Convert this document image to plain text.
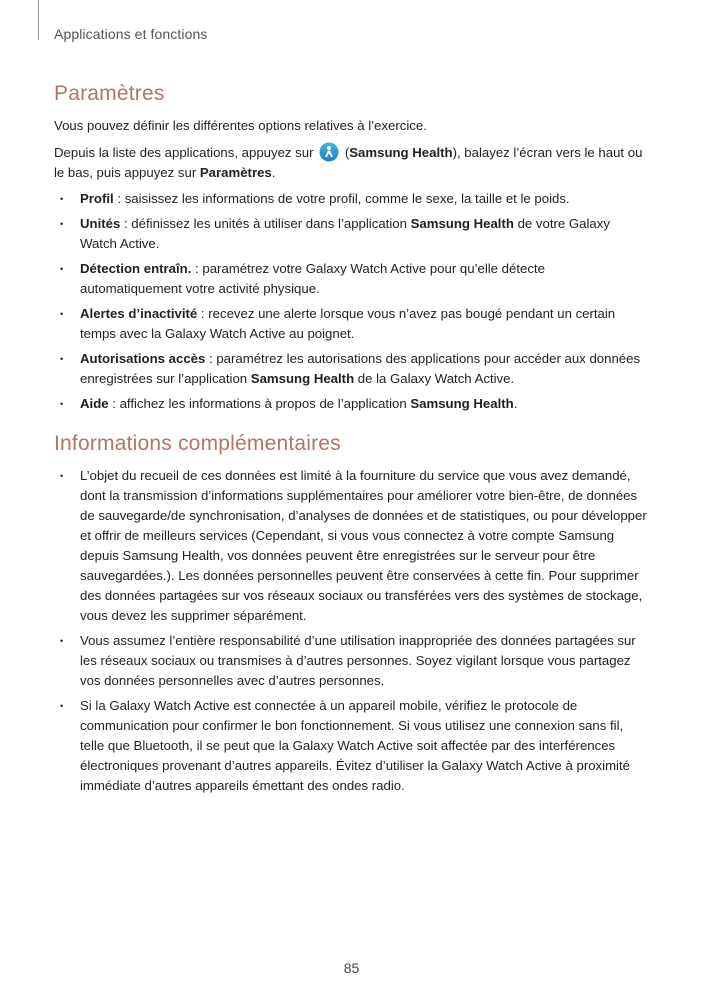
Applications et fonctions
Paramètres

Vous pouvez définir les différentes options relatives à l’exercice.

Depuis la liste des applications, appuyez sur  (Samsung Health), balayez l’écran vers le haut ou le bas, puis appuyez sur Paramètres.

• Profil : saisissez les informations de votre profil, comme le sexe, la taille et le poids.
• Unités : définissez les unités à utiliser dans l’application Samsung Health de votre Galaxy Watch Active.
• Détection entraîn. : paramétrez votre Galaxy Watch Active pour qu’elle détecte automatiquement votre activité physique.
• Alertes d’inactivité : recevez une alerte lorsque vous n’avez pas bougé pendant un certain temps avec la Galaxy Watch Active au poignet.
• Autorisations accès : paramétrez les autorisations des applications pour accéder aux données enregistrées sur l’application Samsung Health de la Galaxy Watch Active.
• Aide : affichez les informations à propos de l’application Samsung Health.
Informations complémentaires
• L’objet du recueil de ces données est limité à la fourniture du service que vous avez demandé, dont la transmission d’informations supplémentaires pour améliorer votre bien-être, de données de sauvegarde/de synchronisation, d’analyses de données et de statistiques, ou pour développer et offrir de meilleurs services (Cependant, si vous vous connectez à votre compte Samsung depuis Samsung Health, vos données peuvent être enregistrées sur le serveur pour être sauvegardées.). Les données personnelles peuvent être conservées à cette fin. Pour supprimer des données partagées sur vos réseaux sociaux ou transférées vers des systèmes de stockage, vous devez les supprimer séparément.
• Vous assumez l’entière responsabilité d’une utilisation inappropriée des données partagées sur les réseaux sociaux ou transmises à d’autres personnes. Soyez vigilant lorsque vous partagez vos données personnelles avec d’autres personnes.
• Si la Galaxy Watch Active est connectée à un appareil mobile, vérifiez le protocole de communication pour confirmer le bon fonctionnement. Si vous utilisez une connexion sans fil, telle que Bluetooth, il se peut que la Galaxy Watch Active soit affectée par des interférences électroniques provenant d’autres appareils. Évitez d’utiliser la Galaxy Watch Active à proximité immédiate d’autres appareils émettant des ondes radio.
85
